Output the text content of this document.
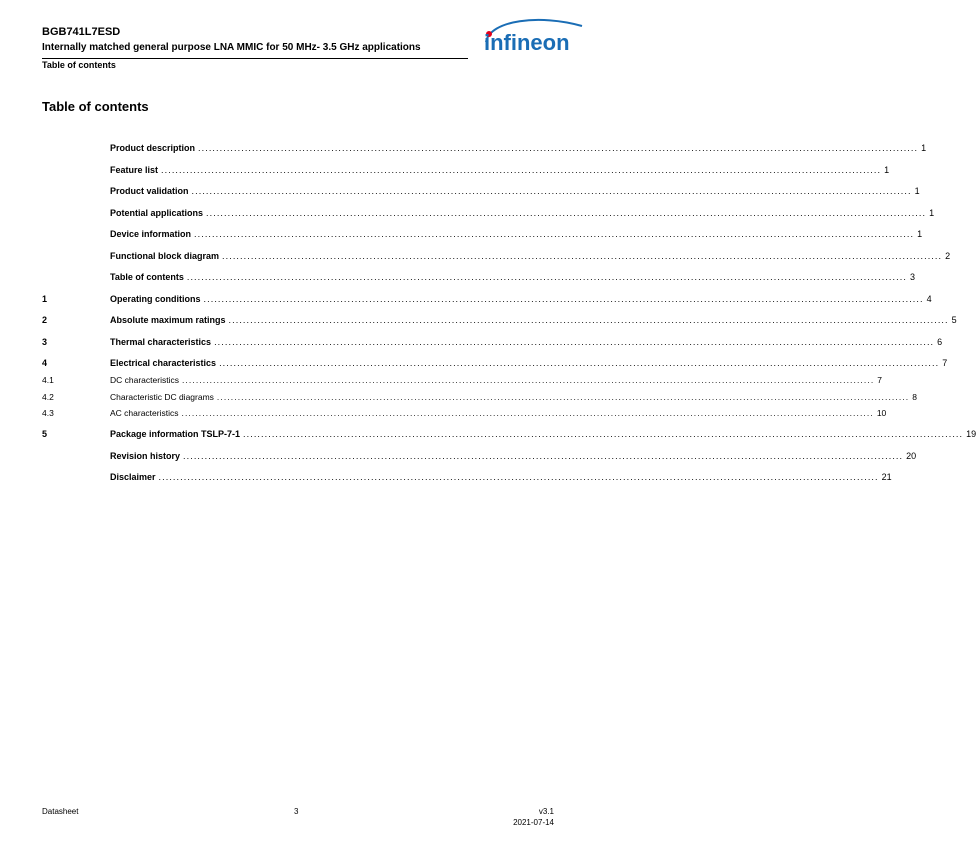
BGB741L7ESD
Internally matched general purpose LNA MMIC for 50 MHz- 3.5 GHz applications
Table of contents
infineon
Table of contents
Product description ........................................................................................................................................................................................................ 1
Feature list ........................................................................................................................................................................................................ 1
Product validation ........................................................................................................................................................................................................ 1
Potential applications ........................................................................................................................................................................................................ 1
Device information ........................................................................................................................................................................................................ 1
Functional block diagram ........................................................................................................................................................................................................ 2
Table of contents ........................................................................................................................................................................................................ 3
1	Operating conditions ........................................................................................................................................................................................................ 4
2	Absolute maximum ratings ........................................................................................................................................................................................................ 5
3	Thermal characteristics ........................................................................................................................................................................................................ 6
4	Electrical characteristics ........................................................................................................................................................................................................ 7
4.1	DC characteristics ........................................................................................................................................................................................................ 7
4.2	Characteristic DC diagrams ........................................................................................................................................................................................................ 8
4.3	AC characteristics ........................................................................................................................................................................................................ 10
5	Package information TSLP-7-1 ........................................................................................................................................................................................................ 19
Revision history ........................................................................................................................................................................................................ 20
Disclaimer ........................................................................................................................................................................................................ 21
Datasheet	3	v3.1
2021-07-14
